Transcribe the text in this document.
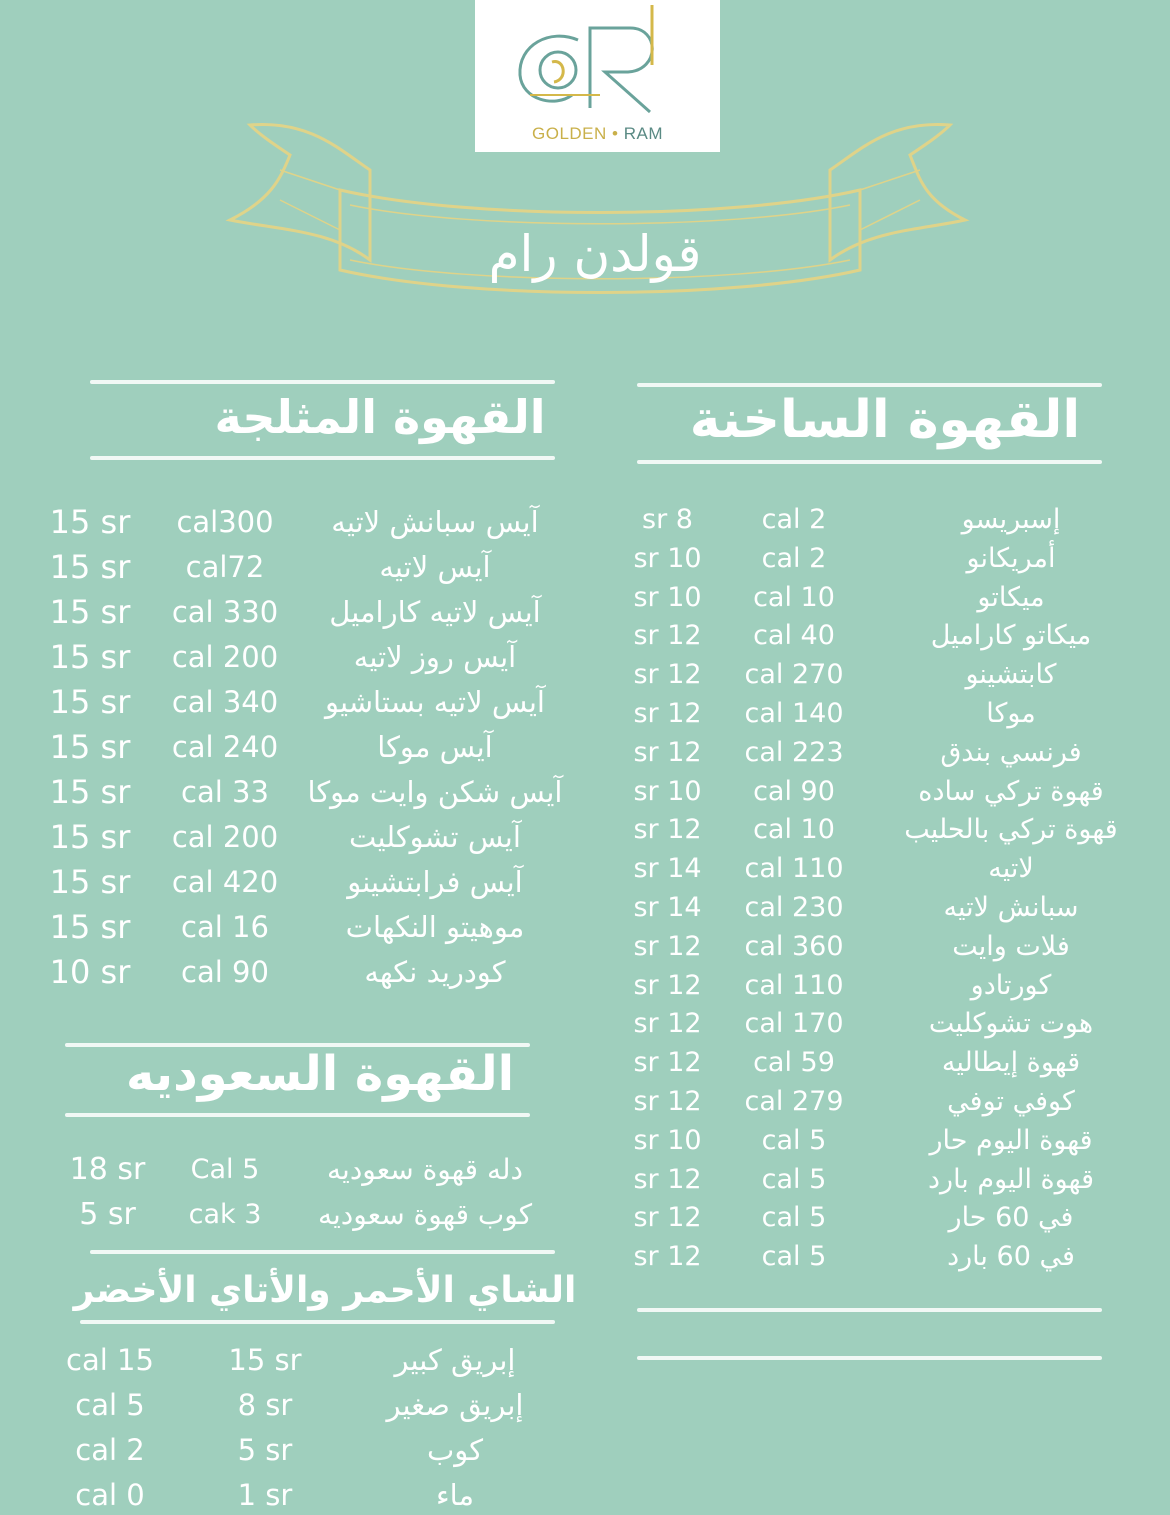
GOLDEN • RAM
قولدن رام
القهوة المثلجة	القهوة الساخنة
القهوة السعوديه
الشاي الأحمر والأتاي الأخضر
إسبريسو
cal 2
sr 8
أمريكانو
cal 2
sr 10
ميكاتو
cal 10
sr 10
ميكاتو كاراميل
cal 40
sr 12
كابتشينو
cal 270
sr 12
موكا
cal 140
sr 12
فرنسي بندق
cal 223
sr 12
قهوة تركي ساده
cal 90
sr 10
قهوة تركي بالحليب
cal 10
sr 12
لاتيه
cal 110
sr 14
سبانش لاتيه
cal 230
sr 14
فلات وايت
cal 360
sr 12
كورتادو
cal 110
sr 12
هوت تشوكليت
cal 170
sr 12
قهوة إيطاليه
cal 59
sr 12
كوفي توفي
cal 279
sr 12
قهوة اليوم حار
cal 5
sr 10
قهوة اليوم بارد
cal 5
sr 12
في 60 حار
cal 5
sr 12
في 60 بارد
cal 5
sr 12
آيس سبانش لاتيه
cal300
15 sr
آيس لاتيه
cal72
15 sr
آيس لاتيه كاراميل
cal 330
15 sr
آيس روز لاتيه
cal 200
15 sr
آيس لاتيه بستاشيو
cal 340
15 sr
آيس موكا
cal 240
15 sr
آيس شكن وايت موكا
cal 33
15 sr
آيس تشوكليت
cal 200
15 sr
آيس فرابتشينو
cal 420
15 sr
موهيتو النكهات
cal 16
15 sr
كودريد نكهه
cal 90
10 sr
دله قهوة سعوديه
Cal 5
18 sr
كوب قهوة سعوديه
cak 3
5 sr
إبريق كبير
15 sr
cal 15
إبريق صغير
8 sr
cal 5
كوب
5 sr
cal 2
ماء
1 sr
cal 0
